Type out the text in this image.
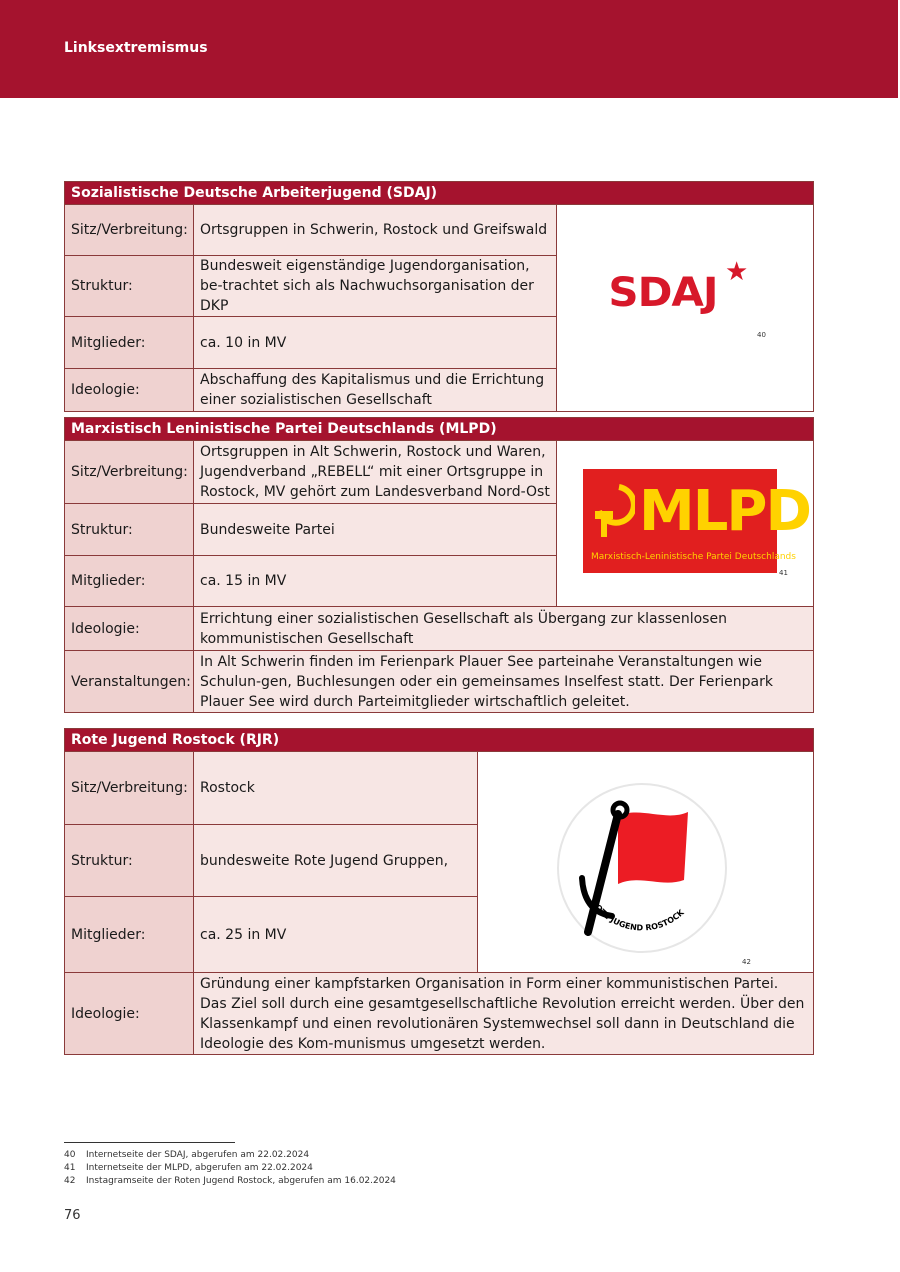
Linksextremismus
Sozialistische Deutsche Arbeiterjugend (SDAJ)		
Sitz/Verbreitung:	Ortsgruppen in Schwerin, Rostock und Greifswald	★
SDAJ
40

Struktur:	Bundesweit eigenständige Jugendorganisation, be-trachtet sich als Nachwuchsorganisation der DKP	
Mitglieder:	ca. 10 in MV	
Ideologie:	Abschaffung des Kapitalismus und die Errichtung einer sozialistischen Gesellschaft	
Marxistisch Leninistische Partei Deutschlands (MLPD)		
Sitz/Verbreitung:	Ortsgruppen in Alt Schwerin, Rostock und Waren, Jugendverband „REBELL“ mit einer Ortsgruppe in Rostock, MV gehört zum Landesverband Nord-Ost	MLPD
Marxistisch-Leninistische Partei Deutschlands
41

Struktur:	Bundesweite Partei	
Mitglieder:	ca. 15 in MV	
Ideologie:	Errichtung einer sozialistischen Gesellschaft als Übergang zur klassenlosen kommunistischen Gesellschaft	
Veranstaltungen:	In Alt Schwerin finden im Ferienpark Plauer See parteinahe Veranstaltungen wie Schulun-gen, Buchlesungen oder ein gemeinsames Inselfest statt. Der Ferienpark Plauer See wird durch Parteimitglieder wirtschaftlich geleitet.	
Rote Jugend Rostock (RJR)		
Sitz/Verbreitung:	Rostock	ROTE JUGEND ROSTOCK
42

Struktur:	bundesweite Rote Jugend Gruppen,	
Mitglieder:	ca. 25 in MV	
Ideologie:	Gründung einer kampfstarken Organisation in Form einer kommunistischen Partei. Das Ziel soll durch eine gesamtgesellschaftliche Revolution erreicht werden. Über den Klassenkampf und einen revolutionären Systemwechsel soll dann in Deutschland die Ideologie des Kom-munismus umgesetzt werden.	
40 Internetseite der SDAJ, abgerufen am 22.02.2024
41 Internetseite der MLPD, abgerufen am 22.02.2024
42 Instagramseite der Roten Jugend Rostock, abgerufen am 16.02.2024
76
